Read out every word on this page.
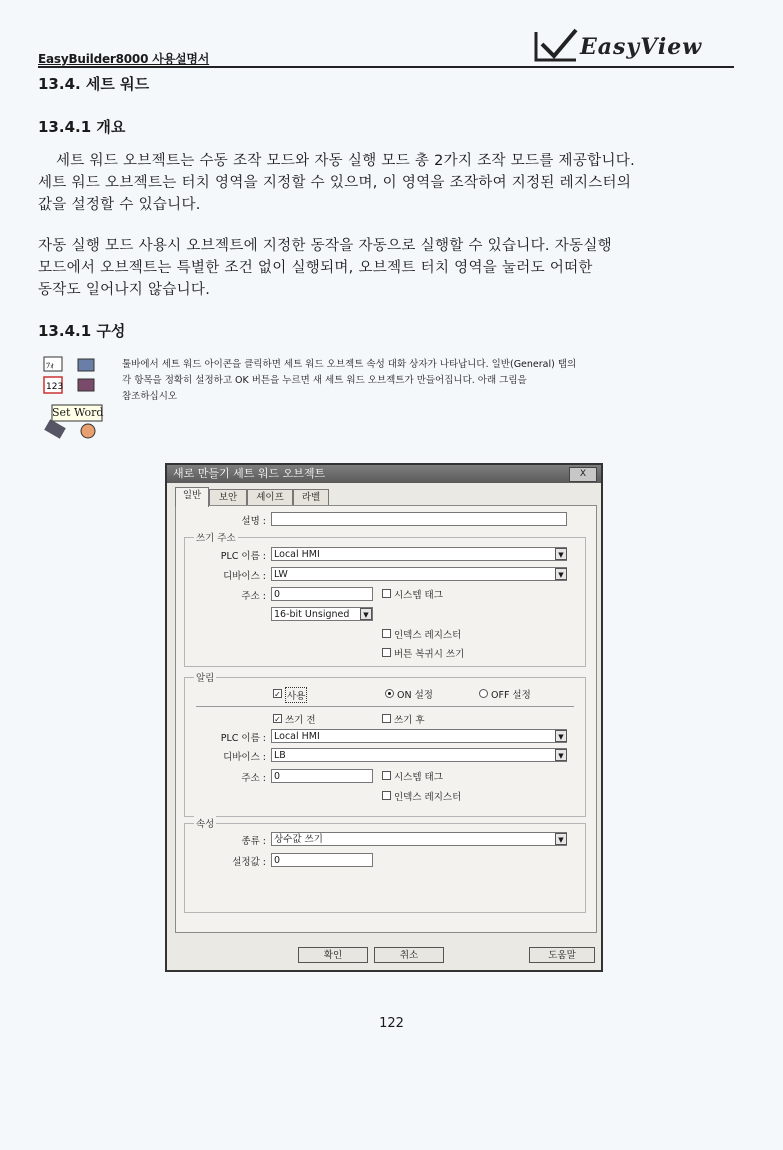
EasyBuilder8000 사용설명서	EasyView
13.4. 세트 워드
13.4.1 개요
세트 워드 오브젝트는 수동 조작 모드와 자동 실행 모드 총 2가지 조작 모드를 제공합니다.
세트 워드 오브젝트는 터치 영역을 지정할 수 있으며, 이 영역을 조작하여 지정된 레지스터의
값을 설정할 수 있습니다.
자동 실행 모드 사용시 오브젝트에 지정한 동작을 자동으로 실행할 수 있습니다. 자동실행
모드에서 오브젝트는 특별한 조건 없이 실행되며, 오브젝트 터치 영역을 눌러도 어떠한
동작도 일어나지 않습니다.
13.4.1 구성
ﾌｫ
123
Set Word
툴바에서 세트 워드 아이콘을 클릭하면 세트 워드 오브젝트 속성 대화 상자가 나타납니다. 일반(General) 탭의
각 항목을 정확히 설정하고 OK 버튼을 누르면 새 세트 워드 오브젝트가 만들어집니다. 아래 그림을
참조하십시오
새로 만들기 세트 워드 오브젝트	X
일반	보안	셰이프	라벨
설명 :
쓰기 주소
PLC 이름 : Local HMI	▼
디바이스 : LW	▼
주소 : 0	시스템 태그
16-bit Unsigned	▼
인덱스 레지스터
버튼 복귀시 쓰기
알림
✓ 사용	ON 설정	OFF 설정
✓ 쓰기 전	쓰기 후
PLC 이름 : Local HMI	▼
디바이스 : LB	▼
주소 : 0	시스템 태그
인덱스 레지스터
속성
종류 : 상수값 쓰기	▼
설정값 : 0
확인	취소	도움말
122
